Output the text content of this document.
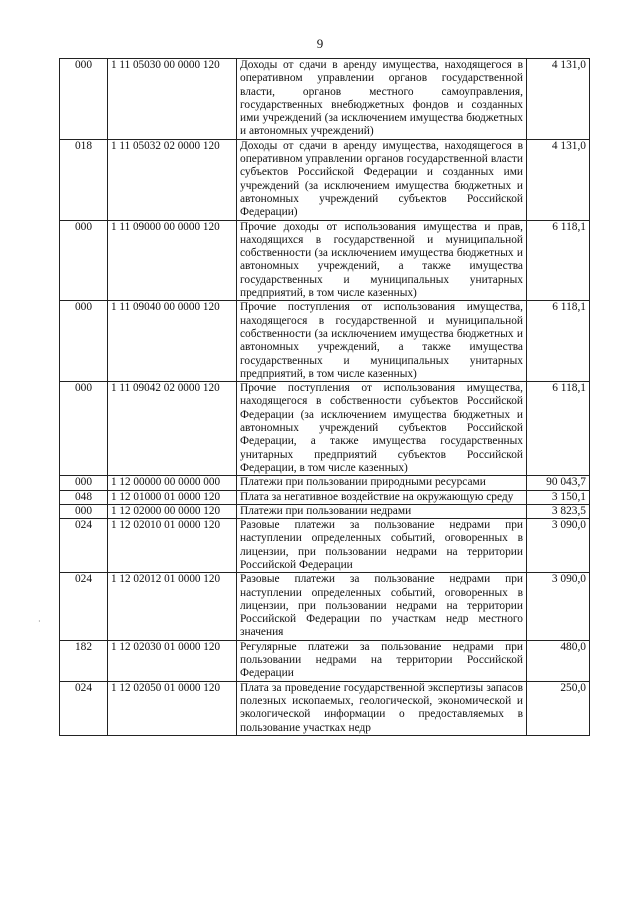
9
000	1 11 05030 00 0000 120	Доходы от сдачи в аренду имущества, находящегося в оперативном управлении органов государственной власти, органов местного самоуправления, государственных внебюджетных фондов и созданных ими учреждений (за исключением имущества бюджетных и автономных учреждений)	4 131,0
018	1 11 05032 02 0000 120	Доходы от сдачи в аренду имущества, находящегося в оперативном управлении органов государственной власти субъектов Российской Федерации и созданных ими учреждений (за исключением имущества бюджетных и автономных учреждений субъектов Российской Федерации)	4 131,0
000	1 11 09000 00 0000 120	Прочие доходы от использования имущества и прав, находящихся в государственной и муниципальной собственности (за исключением имущества бюджетных и автономных учреждений, а также имущества государственных и муниципальных унитарных предприятий, в том числе казенных)	6 118,1
000	1 11 09040 00 0000 120	Прочие поступления от использования имущества, находящегося в государственной и муниципальной собственности (за исключением имущества бюджетных и автономных учреждений, а также имущества государственных и муниципальных унитарных предприятий, в том числе казенных)	6 118,1
000	1 11 09042 02 0000 120	Прочие поступления от использования имущества, находящегося в собственности субъектов Российской Федерации (за исключением имущества бюджетных и автономных учреждений субъектов Российской Федерации, а также имущества государственных унитарных предприятий субъектов Российской Федерации, в том числе казенных)	6 118,1
000	1 12 00000 00 0000 000	Платежи при пользовании природными ресурсами	90 043,7
048	1 12 01000 01 0000 120	Плата за негативное воздействие на окружающую среду	3 150,1
000	1 12 02000 00 0000 120	Платежи при пользовании недрами	3 823,5
024	1 12 02010 01 0000 120	Разовые платежи за пользование недрами при наступлении определенных событий, оговоренных в лицензии, при пользовании недрами на территории Российской Федерации	3 090,0
024	1 12 02012 01 0000 120	Разовые платежи за пользование недрами при наступлении определенных событий, оговоренных в лицензии, при пользовании недрами на территории Российской Федерации по участкам недр местного значения	3 090,0
182	1 12 02030 01 0000 120	Регулярные платежи за пользование недрами при пользовании недрами на территории Российской Федерации	480,0
024	1 12 02050 01 0000 120	Плата за проведение государственной экспертизы запасов полезных ископаемых, геологической, экономической и экологической информации о предоставляемых в пользование участках недр	250,0
·
